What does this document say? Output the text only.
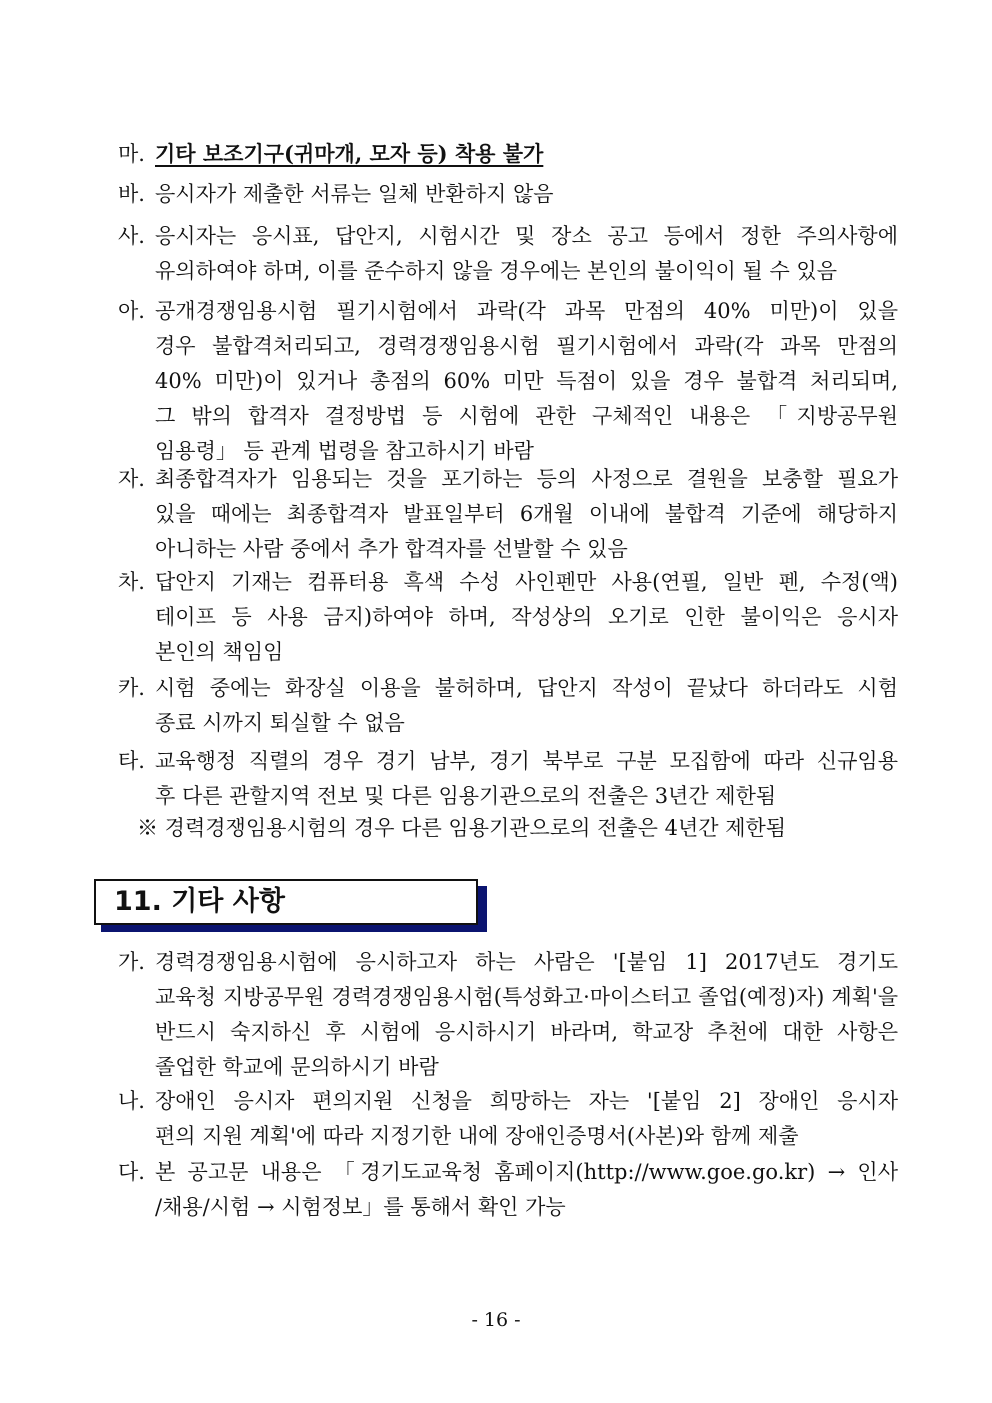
마. 기타 보조기구(귀마개, 모자 등) 착용 불가
바. 응시자가 제출한 서류는 일체 반환하지 않음
사. 응시자는 응시표, 답안지, 시험시간 및 장소 공고 등에서 정한 주의사항에
유의하여야 하며, 이를 준수하지 않을 경우에는 본인의 불이익이 될 수 있음
아. 공개경쟁임용시험 필기시험에서 과락(각 과목 만점의 40% 미만)이 있을
경우 불합격처리되고, 경력경쟁임용시험 필기시험에서 과락(각 과목 만점의
40% 미만)이 있거나 총점의 60% 미만 득점이 있을 경우 불합격 처리되며,
그 밖의 합격자 결정방법 등 시험에 관한 구체적인 내용은 「지방공무원
임용령」 등 관계 법령을 참고하시기 바람
자. 최종합격자가 임용되는 것을 포기하는 등의 사정으로 결원을 보충할 필요가
있을 때에는 최종합격자 발표일부터 6개월 이내에 불합격 기준에 해당하지
아니하는 사람 중에서 추가 합격자를 선발할 수 있음
차. 답안지 기재는 컴퓨터용 흑색 수성 사인펜만 사용(연필, 일반 펜, 수정(액)
테이프 등 사용 금지)하여야 하며, 작성상의 오기로 인한 불이익은 응시자
본인의 책임임
카. 시험 중에는 화장실 이용을 불허하며, 답안지 작성이 끝났다 하더라도 시험
종료 시까지 퇴실할 수 없음
타. 교육행정 직렬의 경우 경기 남부, 경기 북부로 구분 모집함에 따라 신규임용
후 다른 관할지역 전보 및 다른 임용기관으로의 전출은 3년간 제한됨
※ 경력경쟁임용시험의 경우 다른 임용기관으로의 전출은 4년간 제한됨
11. 기타 사항
가. 경력경쟁임용시험에 응시하고자 하는 사람은 '[붙임 1] 2017년도 경기도
교육청 지방공무원 경력경쟁임용시험(특성화고·마이스터고 졸업(예정)자) 계획'을
반드시 숙지하신 후 시험에 응시하시기 바라며, 학교장 추천에 대한 사항은
졸업한 학교에 문의하시기 바람
나. 장애인 응시자 편의지원 신청을 희망하는 자는 '[붙임 2] 장애인 응시자
편의 지원 계획'에 따라 지정기한 내에 장애인증명서(사본)와 함께 제출
다. 본 공고문 내용은 「경기도교육청 홈페이지(http://www.goe.go.kr) → 인사
/채용/시험 → 시험정보」를 통해서 확인 가능
- 16 -
